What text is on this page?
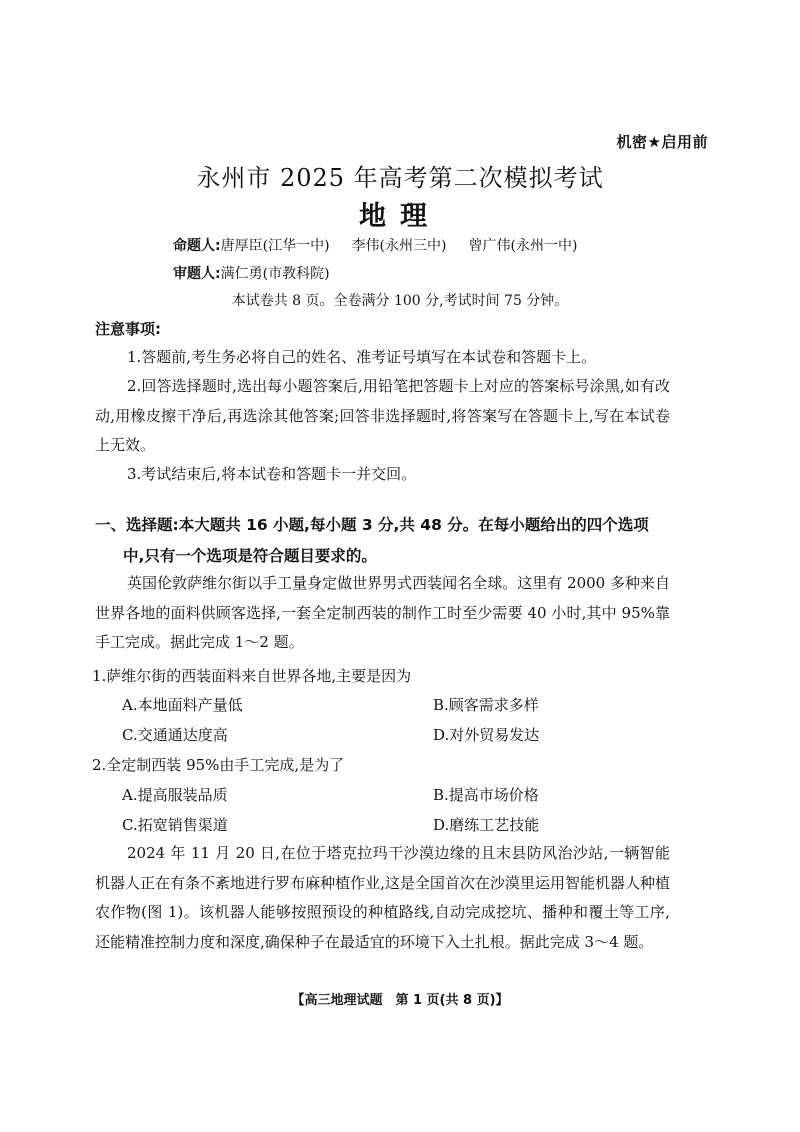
机密★启用前
永州市 2025 年高考第二次模拟考试
地理
命题人:唐厚臣(江华一中) 李伟(永州三中) 曾广伟(永州一中)
审题人:满仁勇(市教科院)
本试卷共 8 页。全卷满分 100 分,考试时间 75 分钟。
注意事项:
1.答题前,考生务必将自己的姓名、准考证号填写在本试卷和答题卡上。
2.回答选择题时,选出每小题答案后,用铅笔把答题卡上对应的答案标号涂黑,如有改动,用橡皮擦干净后,再选涂其他答案;回答非选择题时,将答案写在答题卡上,写在本试卷上无效。
3.考试结束后,将本试卷和答题卡一并交回。
一、选择题:本大题共 16 小题,每小题 3 分,共 48 分。在每小题给出的四个选项
中,只有一个选项是符合题目要求的。
英国伦敦萨维尔街以手工量身定做世界男式西装闻名全球。这里有 2000 多种来自世界各地的面料供顾客选择,一套全定制西装的制作工时至少需要 40 小时,其中 95%靠手工完成。据此完成 1～2 题。
1.萨维尔街的西装面料来自世界各地,主要是因为
A.本地面料产量低	B.顾客需求多样
C.交通通达度高	D.对外贸易发达
2.全定制西装 95%由手工完成,是为了
A.提高服装品质	B.提高市场价格
C.拓宽销售渠道	D.磨练工艺技能
2024 年 11 月 20 日,在位于塔克拉玛干沙漠边缘的且末县防风治沙站,一辆智能机器人正在有条不紊地进行罗布麻种植作业,这是全国首次在沙漠里运用智能机器人种植农作物(图 1)。该机器人能够按照预设的种植路线,自动完成挖坑、播种和覆土等工序,还能精准控制力度和深度,确保种子在最适宜的环境下入土扎根。据此完成 3～4 题。
【高三地理试题　第 1 页(共 8 页)】
